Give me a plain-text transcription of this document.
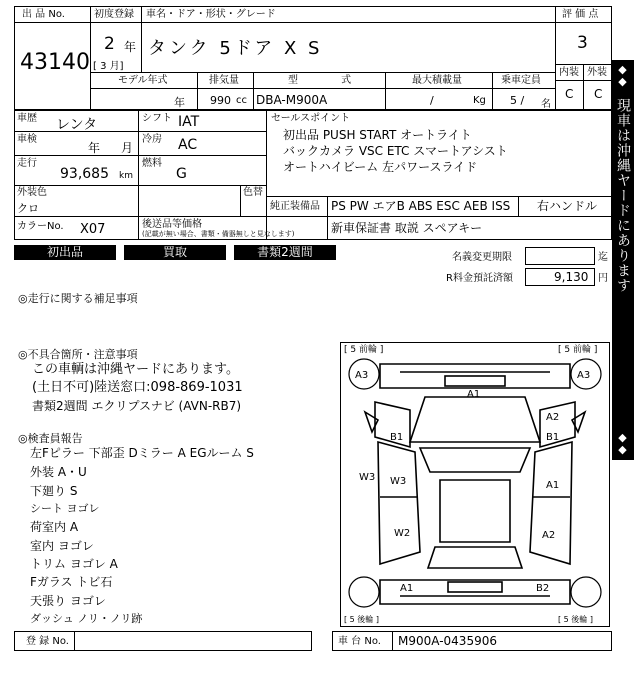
出 品 No.
43140
初度登録
2 年
[ 3 月]
車名・ドア・形状・グレード
タンク 5ドア X S
モデル年式
年
排気量
990 cc
型 式
DBA-M900A
最大積載量
/	Kg
乗車定員
5 / 名
評 価 点
3
内装 外装
C C
車歴 レンタ	シフト IAT
車検
年 月
冷房 AC
走行
93,685 km
燃料
G
外装色
クロ
色替
カラーNo. X07	後送品等価格
(記載が無い場合、書類・備器無しと見なします)
セールスポイント
初出品 PUSH START オートライト
バックカメラ VSC ETC スマートアシスト
オートハイビーム 左パワースライド
純正装備品 PS PW エアB ABS ESC AEB ISS 右ハンドル
新車保証書 取説 スペアキー
初出品	買取	書類2週間	名義変更期限	迄
R料金預託済額	9,130 円
◎走行に関する補足事項
◎不具合箇所・注意事項
この車輌は沖縄ヤードにあります。
(土日不可)陸送窓口:098-869-1031
書類2週間 エクリプスナビ (AVN-RB7)
◎検査員報告
左Fピラー 下部歪 Dミラー A EGルーム S
外装 A・U
下廻り S
シート ヨゴレ
荷室内 A
室内 ヨゴレ
トリム ヨゴレ A
Fガラス トビ石
天張り ヨゴレ
ダッシュ ノリ・ノリ跡
[ 5 前輪 ]	[ 5 前輪 ]
[ 5 後輪 ]	[ 5 後輪 ]
A3	A3
A1
A2
B1	B1
A1
W3 W3
W2	A2
A1	B2
登 録 No.	車 台 No. M900A-0435906
◆
◆
現車は沖縄ヤードにあります
◆
◆
